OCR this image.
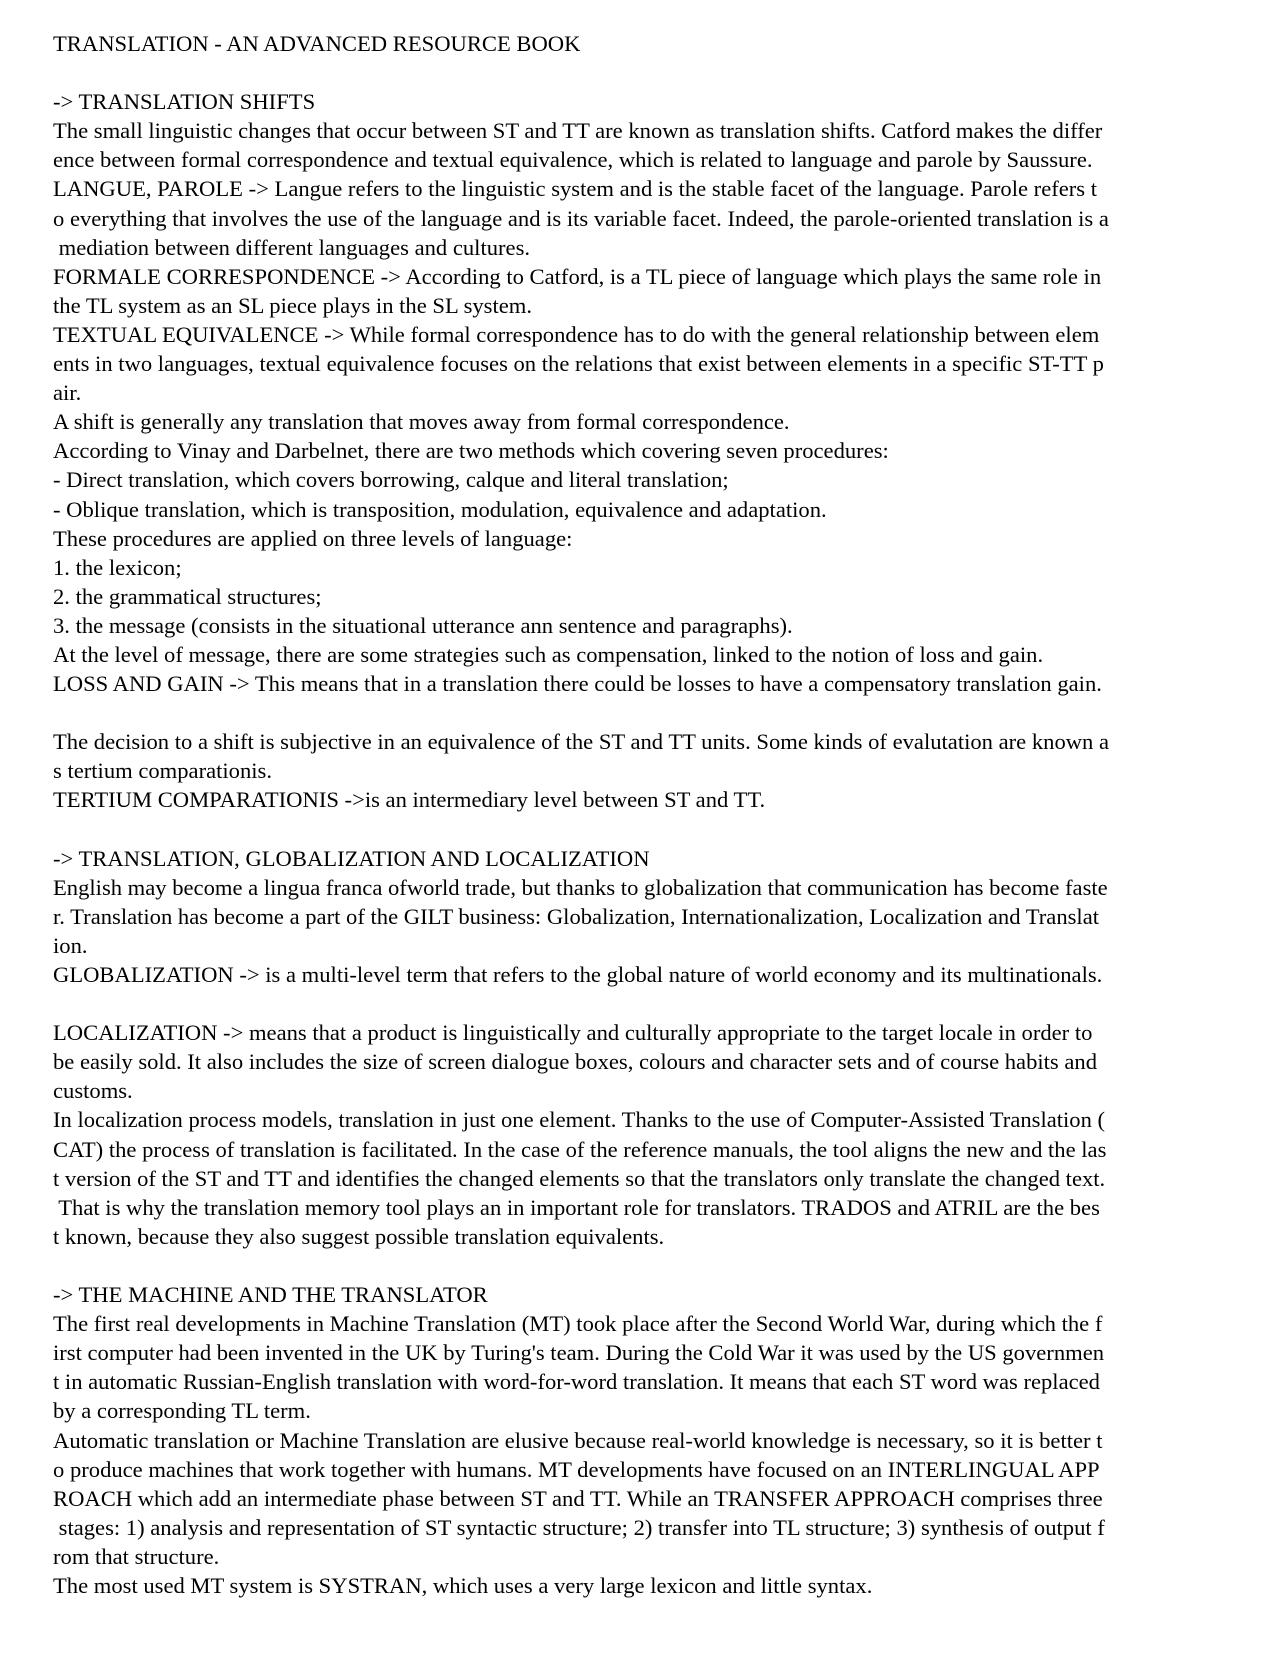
TRANSLATION - AN ADVANCED RESOURCE BOOK
-> TRANSLATION SHIFTS
The small linguistic changes that occur between ST and TT are known as translation shifts. Catford makes the differ
ence between formal correspondence and textual equivalence, which is related to language and parole by Saussure.
LANGUE, PAROLE -> Langue refers to the linguistic system and is the stable facet of the language. Parole refers t
o everything that involves the use of the language and is its variable facet. Indeed, the parole-oriented translation is a
mediation between different languages and cultures.
FORMALE CORRESPONDENCE -> According to Catford, is a TL piece of language which plays the same role in
the TL system as an SL piece plays in the SL system.
TEXTUAL EQUIVALENCE -> While formal correspondence has to do with the general relationship between elem
ents in two languages, textual equivalence focuses on the relations that exist between elements in a specific ST-TT p
air.
A shift is generally any translation that moves away from formal correspondence.
According to Vinay and Darbelnet, there are two methods which covering seven procedures:
- Direct translation, which covers borrowing, calque and literal translation;
- Oblique translation, which is transposition, modulation, equivalence and adaptation.
These procedures are applied on three levels of language:
1. the lexicon;
2. the grammatical structures;
3. the message (consists in the situational utterance ann sentence and paragraphs).
At the level of message, there are some strategies such as compensation, linked to the notion of loss and gain.
LOSS AND GAIN -> This means that in a translation there could be losses to have a compensatory translation gain.
The decision to a shift is subjective in an equivalence of the ST and TT units. Some kinds of evalutation are known a
s tertium comparationis.
TERTIUM COMPARATIONIS ->is an intermediary level between ST and TT.
-> TRANSLATION, GLOBALIZATION AND LOCALIZATION
English may become a lingua franca ofworld trade, but thanks to globalization that communication has become faste
r. Translation has become a part of the GILT business: Globalization, Internationalization, Localization and Translat
ion.
GLOBALIZATION -> is a multi-level term that refers to the global nature of world economy and its multinationals.
LOCALIZATION -> means that a product is linguistically and culturally appropriate to the target locale in order to
be easily sold. It also includes the size of screen dialogue boxes, colours and character sets and of course habits and
customs.
In localization process models, translation in just one element. Thanks to the use of Computer-Assisted Translation (
CAT) the process of translation is facilitated. In the case of the reference manuals, the tool aligns the new and the las
t version of the ST and TT and identifies the changed elements so that the translators only translate the changed text.
That is why the translation memory tool plays an in important role for translators. TRADOS and ATRIL are the bes
t known, because they also suggest possible translation equivalents.
-> THE MACHINE AND THE TRANSLATOR
The first real developments in Machine Translation (MT) took place after the Second World War, during which the f
irst computer had been invented in the UK by Turing's team. During the Cold War it was used by the US governmen
t in automatic Russian-English translation with word-for-word translation. It means that each ST word was replaced
by a corresponding TL term.
Automatic translation or Machine Translation are elusive because real-world knowledge is necessary, so it is better t
o produce machines that work together with humans. MT developments have focused on an INTERLINGUAL APP
ROACH which add an intermediate phase between ST and TT. While an TRANSFER APPROACH comprises three
stages: 1) analysis and representation of ST syntactic structure; 2) transfer into TL structure; 3) synthesis of output f
rom that structure.
The most used MT system is SYSTRAN, which uses a very large lexicon and little syntax.
